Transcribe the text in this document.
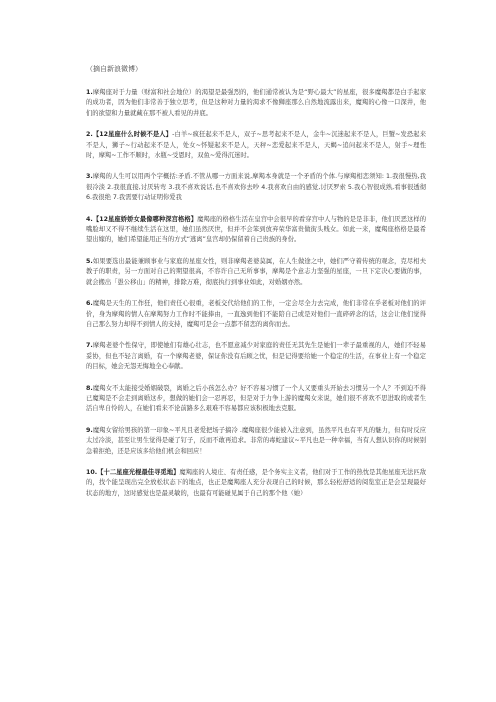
（摘自新浪微博）
1.摩羯座对于力量（财富和社会地位）的渴望是最强烈的，他们通常被认为是“野心最大”的星座，很多魔羯都是白手起家的成功者，因为他们非常善于独立思考，但是这种对力量的渴求不像狮座那么自然地流露出来，魔羯的心像一口深井，他们的欲望和力量就藏在那不被人看见的井底。
2.【12星座什么时候不是人】-白羊~疯狂起来不是人，双子~思考起来不是人，金牛~沉迷起来不是人，巨蟹~发恐起来不是人，狮子~行动起来不是人，处女~怀疑起来不是人，天秤~恋爱起来不是人，天蝎~追问起来不是人，射手~理性时，摩羯~工作不顺时，水瓶~受恩时，双鱼~爱得沉迷时。
3.摩羯的人生可以用两个字概括:矛盾.不管从哪一方面来说,摩羯本身就是一个矛盾的个体.与摩羯相恋须知: 1.我很慢热,我很冷淡 2.我很直接,讨厌转弯 3.我不喜欢说话,也不喜欢你去吵 4.我喜欢自由的感觉,讨厌罗索 5.我心智很成熟,看事很透彻 6.我很绝 7.我需要行动证明你爱我
4.【12星座娇娇女最像哪种深宫格格】魔羯座的格格生活在皇宫中会很早的看穿宫中人与物的是是非非，他们厌恶这样的嘴脸却又不得不继续生活在这里，她们虽然厌世，但并不会笨到放弃荣华富贵做街头贱女。如此一来，魔羯座格格是最希望出嫁的，她们希望能用正当的方式“逃离”皇宫却仍保留着自己贵族的身份。
5.如果要选出最能兼顾事业与家庭的星座女性，则非摩羯老婆莫属，在人生做途之中，她们严守着传统的观念，克尽相夫教子的职责，另一方面对自己的期望很高，不容许自己无所事事，摩羯是个意志力坚强的星座，一旦下定决心要做的事，就会搬出「愚公移山」的精神，排除万难，彻底执行到事业如此，对婚姻亦然。
6.魔羯是天生的工作狂，他们责任心很重，老板交代给他们的工作，一定会尽全力去完成，他们非常在乎老板对他们的评价，身为摩羯的情人在摩羯努力工作时不能捧由，一直逸到他们不能陪自己或是对他们一直碎碎念的话，这会让他们觉得自己那么努力却得不到情人的支持，魔羯可是会一点都不留恋的离你而去。
7.摩羯老婆个性保守，即使她们有雄心壮志，也不愿意减少对家庭的责任无其先生是她们一辈子最重视的人，她们不轻易妥协，但也不轻言离婚，有一个摩羯老婆，保证你没有后顾之忧，但是记得要给她一个稳定的生活，在事业上有一个稳定的目标，她会无怨无悔地全心奉献。
8.魔羯女不太能接受婚姻破裂，离婚之后小孩怎么办？好不容易习惯了一个人又要重头开始去习惯另一个人？不到迫不得已魔羯是不会走到离婚这步，想做的她们会一忍再忍，但是对于力争上游的魔羯女来说，她们很不喜欢不思进取的或者生活自卑自怜的人，在她们看来不论前路多么艰难不容易都应该积极地去克服。
9.魔羯女留给男孩的第一印象~平凡且老爱把场子搞冷 .魔羯座很少能被入注意到，虽然平凡也有平凡的魅力，但有时反应太过冷淡，甚至让男生觉得是碰了钉子，反而不敢再追求。非常的毒蛇建议~平凡也是一种幸福，当有人想认识你的时候别急着拒绝，还是应该多给他们机会和回应！
10.【十二星座光棍最佳寻觅地】魔羯座的人境庄、有责任感，是个务实主义者，他们对于工作的热忱是其他星座无法匹敌的，找个能呈现出完全放松状态下的地点，也正是魔羯座人充分表现自己的时候，那么轻松舒适的阅览室正是会呈现最好状态的地方，这时感觉也是最灵敏的，也最有可能碰见属于自己的那个他（她）
